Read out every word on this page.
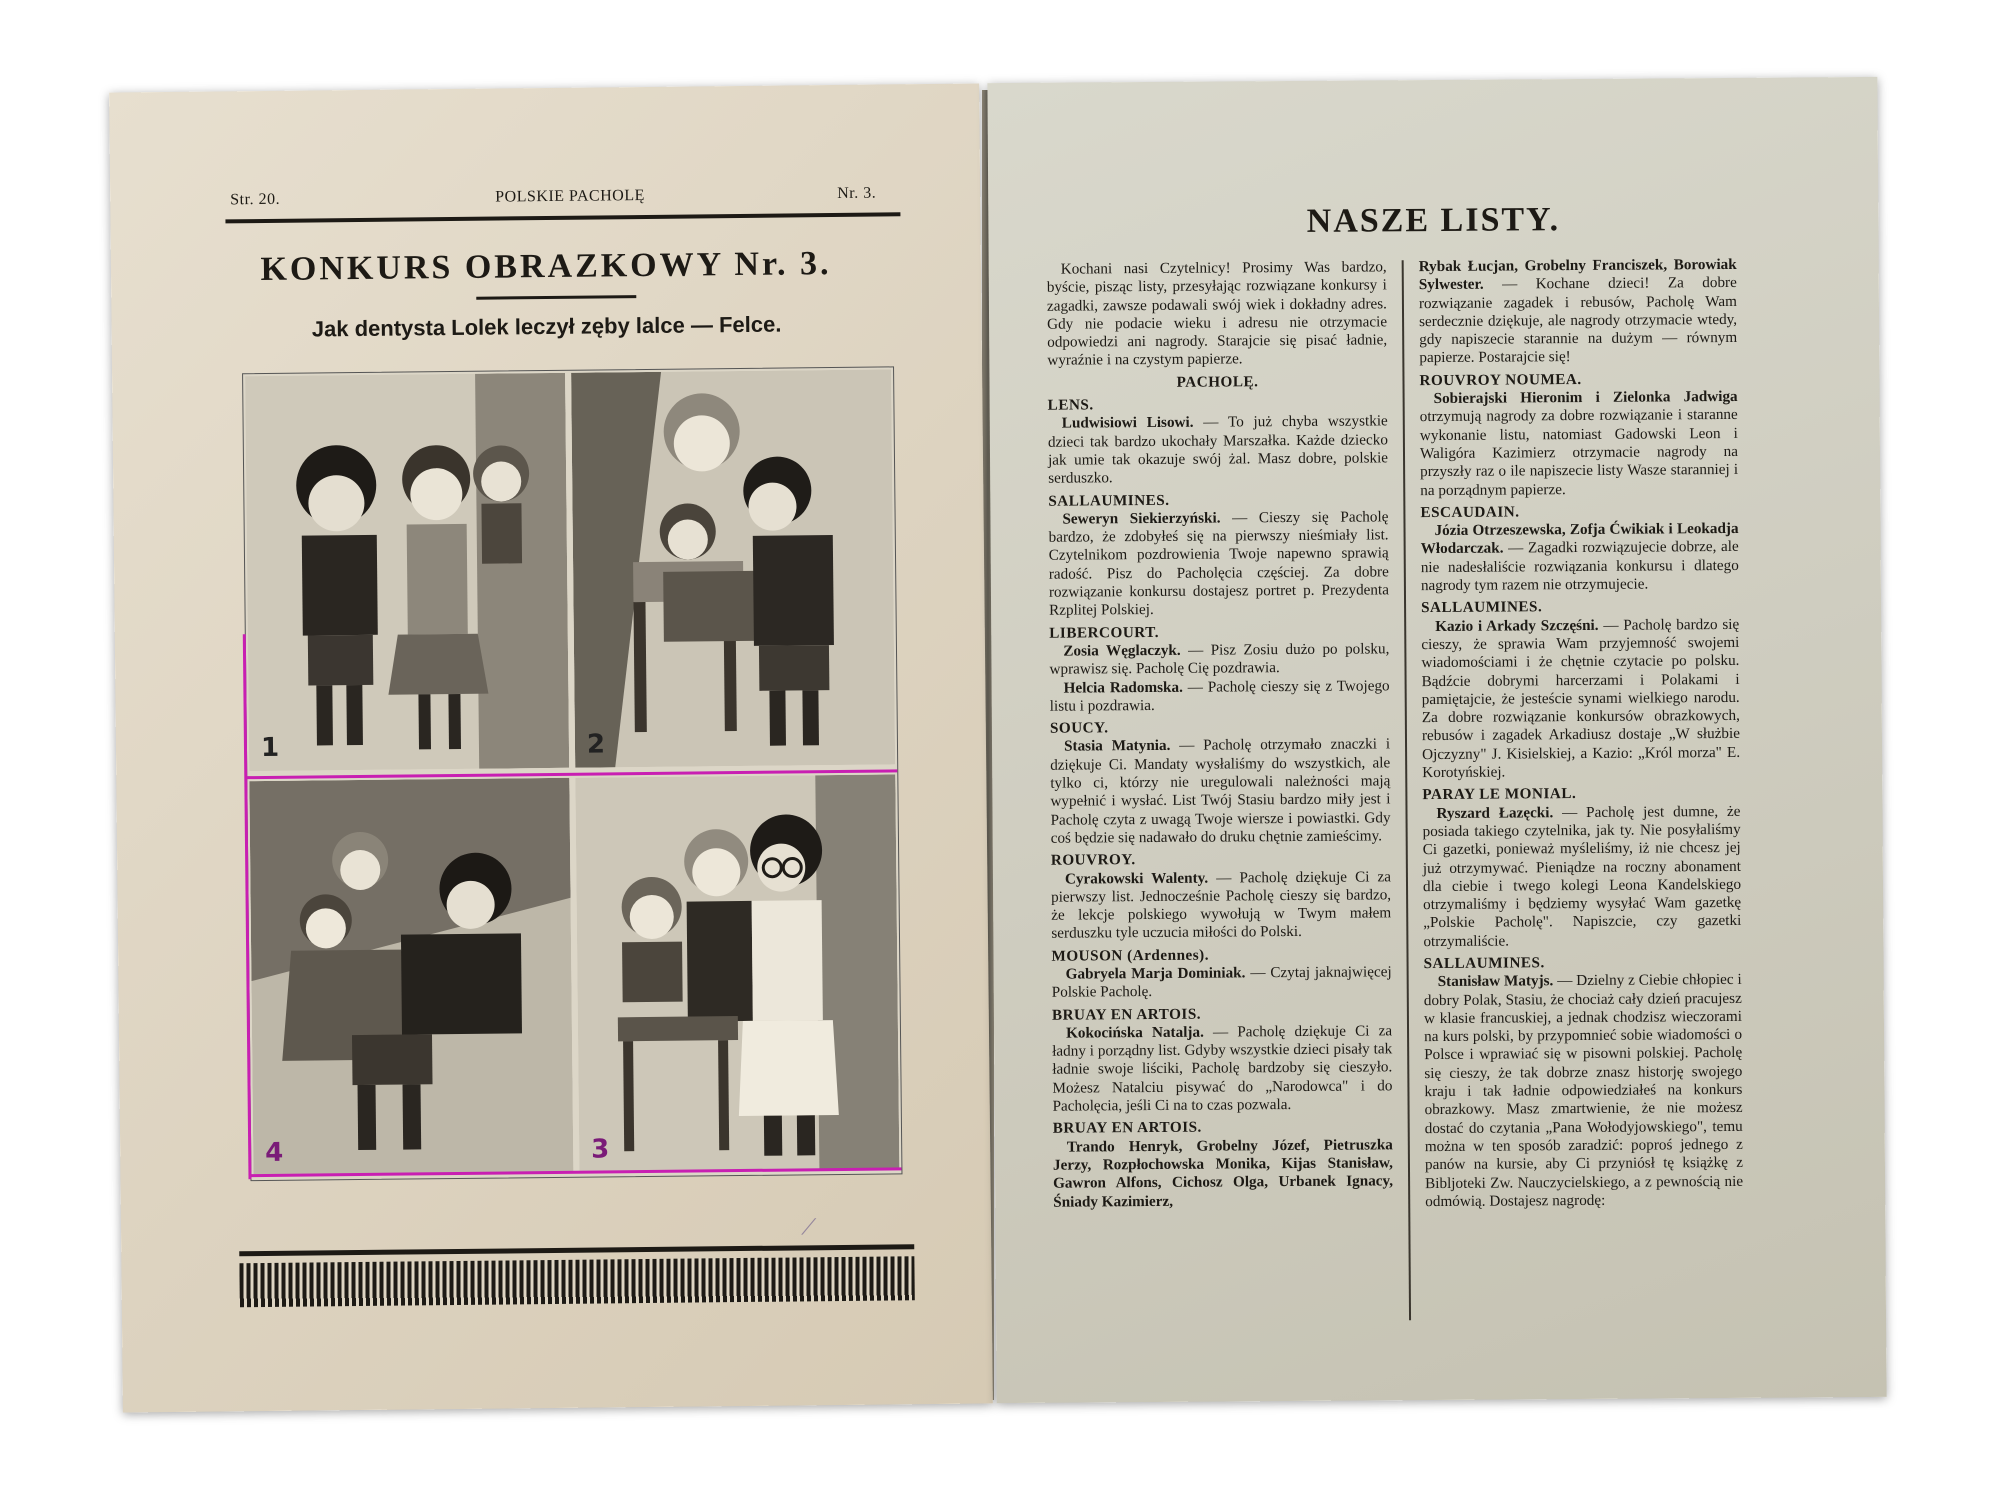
Str. 20.	POLSKIE PACHOLĘ	Nr. 3.
KONKURS OBRAZKOWY Nr. 3.
Jak dentysta Lolek leczył zęby lalce — Felce.
1	2
4	3
⟋
NASZE LISTY.

Kochani nasi Czytelnicy! Prosimy Was bardzo, byście, pisząc listy, przesyłając rozwiązane konkursy i zagadki, zawsze podawali swój wiek i dokładny adres. Gdy nie podacie wieku i adresu nie otrzymacie odpowiedzi ani nagrody. Starajcie się pisać ładnie, wyraźnie i na czystym papierze.

PACHOLĘ.

LENS.

Ludwisiowi Lisowi. — To już chyba wszystkie dzieci tak bardzo ukochały Marszałka. Każde dziecko jak umie tak okazuje swój żal. Masz dobre, polskie serduszko.

SALLAUMINES.

Seweryn Siekierzyński. — Cieszy się Pacholę bardzo, że zdobyłeś się na pierwszy nieśmiały list. Czytelnikom pozdrowienia Twoje napewno sprawią radość. Pisz do Pacholęcia częściej. Za dobre rozwiązanie konkursu dostajesz portret p. Prezydenta Rzplitej Polskiej.

LIBERCOURT.

Zosia Węglaczyk. — Pisz Zosiu dużo po polsku, wprawisz się. Pacholę Cię pozdrawia.

Helcia Radomska. — Pacholę cieszy się z Twojego listu i pozdrawia.

SOUCY.

Stasia Matynia. — Pacholę otrzymało znaczki i dziękuje Ci. Mandaty wysłaliśmy do wszystkich, ale tylko ci, którzy nie uregulowali należności mają wypełnić i wysłać. List Twój Stasiu bardzo miły jest i Pacholę czyta z uwagą Twoje wiersze i powiastki. Gdy coś będzie się nadawało do druku chętnie zamieścimy.

ROUVROY.

Cyrakowski Walenty. — Pacholę dziękuje Ci za pierwszy list. Jednocześnie Pacholę cieszy się bardzo, że lekcje polskiego wywołują w Twym małem serduszku tyle uczucia miłości do Polski.

MOUSON (Ardennes).

Gabryela Marja Dominiak. — Czytaj jaknajwięcej Polskie Pacholę.

BRUAY EN ARTOIS.

Kokocińska Natalja. — Pacholę dziękuje Ci za ładny i porządny list. Gdyby wszystkie dzieci pisały tak ładnie swoje liściki, Pacholę bardzoby się cieszyło. Możesz Natalciu pisywać do „Narodowca" i do Pacholęcia, jeśli Ci na to czas pozwala.

BRUAY EN ARTOIS.

Trando Henryk, Grobelny Józef, Pietruszka Jerzy, Rozpłochowska Monika, Kijas Stanisław, Gawron Alfons, Cichosz Olga, Urbanek Ignacy, Śniady Kazimierz,

Rybak Łucjan, Grobelny Franciszek, Borowiak Sylwester. — Kochane dzieci! Za dobre rozwiązanie zagadek i rebusów, Pacholę Wam serdecznie dziękuje, ale nagrody otrzymacie wtedy, gdy napiszecie starannie na dużym — równym papierze. Postarajcie się!

ROUVROY NOUMEA.

Sobierajski Hieronim i Zielonka Jadwiga otrzymują nagrody za dobre rozwiązanie i staranne wykonanie listu, natomiast Gadowski Leon i Waligóra Kazimierz otrzymacie nagrody na przyszły raz o ile napiszecie listy Wasze staranniej i na porządnym papierze.

ESCAUDAIN.

Józia Otrzeszewska, Zofja Ćwikiak i Leokadja Włodarczak. — Zagadki rozwiązujecie dobrze, ale nie nadesłaliście rozwiązania konkursu i dlatego nagrody tym razem nie otrzymujecie.

SALLAUMINES.

Kazio i Arkady Szczęśni. — Pacholę bardzo się cieszy, że sprawia Wam przyjemność swojemi wiadomościami i że chętnie czytacie po polsku. Bądźcie dobrymi harcerzami i Polakami i pamiętajcie, że jesteście synami wielkiego narodu. Za dobre rozwiązanie konkursów obrazkowych, rebusów i zagadek Arkadiusz dostaje „W służbie Ojczyzny" J. Kisielskiej, a Kazio: „Król morza" E. Korotyńskiej.

PARAY LE MONIAL.

Ryszard Łazęcki. — Pacholę jest dumne, że posiada takiego czytelnika, jak ty. Nie posyłaliśmy Ci gazetki, ponieważ myśleliśmy, iż nie chcesz jej już otrzymywać. Pieniądze na roczny abonament dla ciebie i twego kolegi Leona Kandelskiego otrzymaliśmy i będziemy wysyłać Wam gazetkę „Polskie Pacholę". Napiszcie, czy gazetki otrzymaliście.

SALLAUMINES.

Stanisław Matyjs. — Dzielny z Ciebie chłopiec i dobry Polak, Stasiu, że chociaż cały dzień pracujesz w klasie francuskiej, a jednak chodzisz wieczorami na kurs polski, by przypomnieć sobie wiadomości o Polsce i wprawiać się w pisowni polskiej. Pacholę się cieszy, że tak dobrze znasz historję swojego kraju i tak ładnie odpowiedziałeś na konkurs obrazkowy. Masz zmartwienie, że nie możesz dostać do czytania „Pana Wołodyjowskiego", temu można w ten sposób zaradzić: poproś jednego z panów na kursie, aby Ci przyniósł tę książkę z Bibljoteki Zw. Nauczycielskiego, a z pewnością nie odmówią. Dostajesz nagrodę:
